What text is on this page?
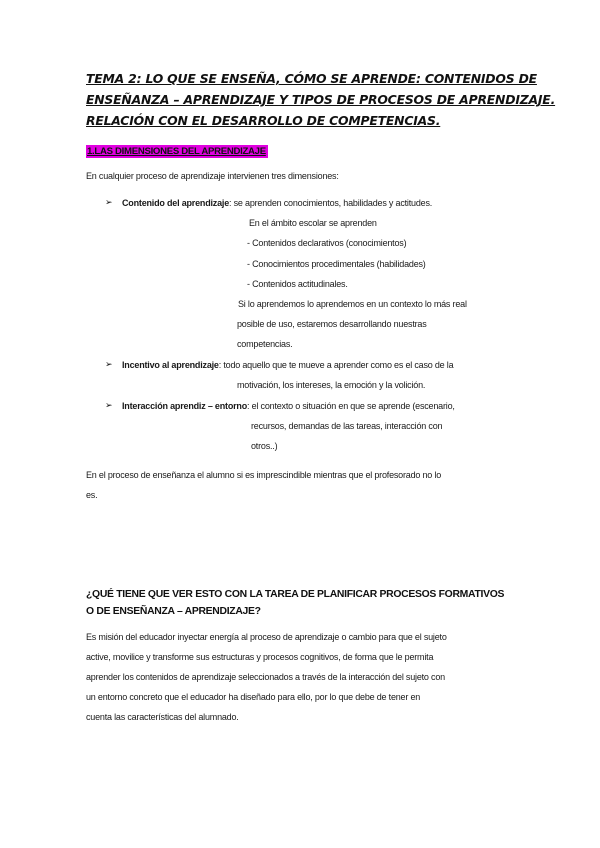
TEMA 2: LO QUE SE ENSEÑA, CÓMO SE APRENDE: CONTENIDOS DE
ENSEÑANZA – APRENDIZAJE Y TIPOS DE PROCESOS DE APRENDIZAJE.
RELACIÓN CON EL DESARROLLO DE COMPETENCIAS.
1.LAS DIMENSIONES DEL APRENDIZAJE
En cualquier proceso de aprendizaje intervienen tres dimensiones:
➢ Contenido del aprendizaje: se aprenden conocimientos, habilidades y actitudes.
En el ámbito escolar se aprenden
- Contenidos declarativos (conocimientos)
- Conocimientos procedimentales (habilidades)
- Contenidos actitudinales.
Si lo aprendemos lo aprendemos en un contexto lo más real
posible de uso, estaremos desarrollando nuestras
competencias.
➢ Incentivo al aprendizaje: todo aquello que te mueve a aprender como es el caso de la
motivación, los intereses, la emoción y la volición.
➢ Interacción aprendiz – entorno: el contexto o situación en que se aprende (escenario,
recursos, demandas de las tareas, interacción con
otros..)
En el proceso de enseñanza el alumno si es imprescindible mientras que el profesorado no lo
es.
¿QUÉ TIENE QUE VER ESTO CON LA TAREA DE PLANIFICAR PROCESOS FORMATIVOS
O DE ENSEÑANZA – APRENDIZAJE?
Es misión del educador inyectar energía al proceso de aprendizaje o cambio para que el sujeto
active, movilice y transforme sus estructuras y procesos cognitivos, de forma que le permita
aprender los contenidos de aprendizaje seleccionados a través de la interacción del sujeto con
un entorno concreto que el educador ha diseñado para ello, por lo que debe de tener en
cuenta las características del alumnado.
